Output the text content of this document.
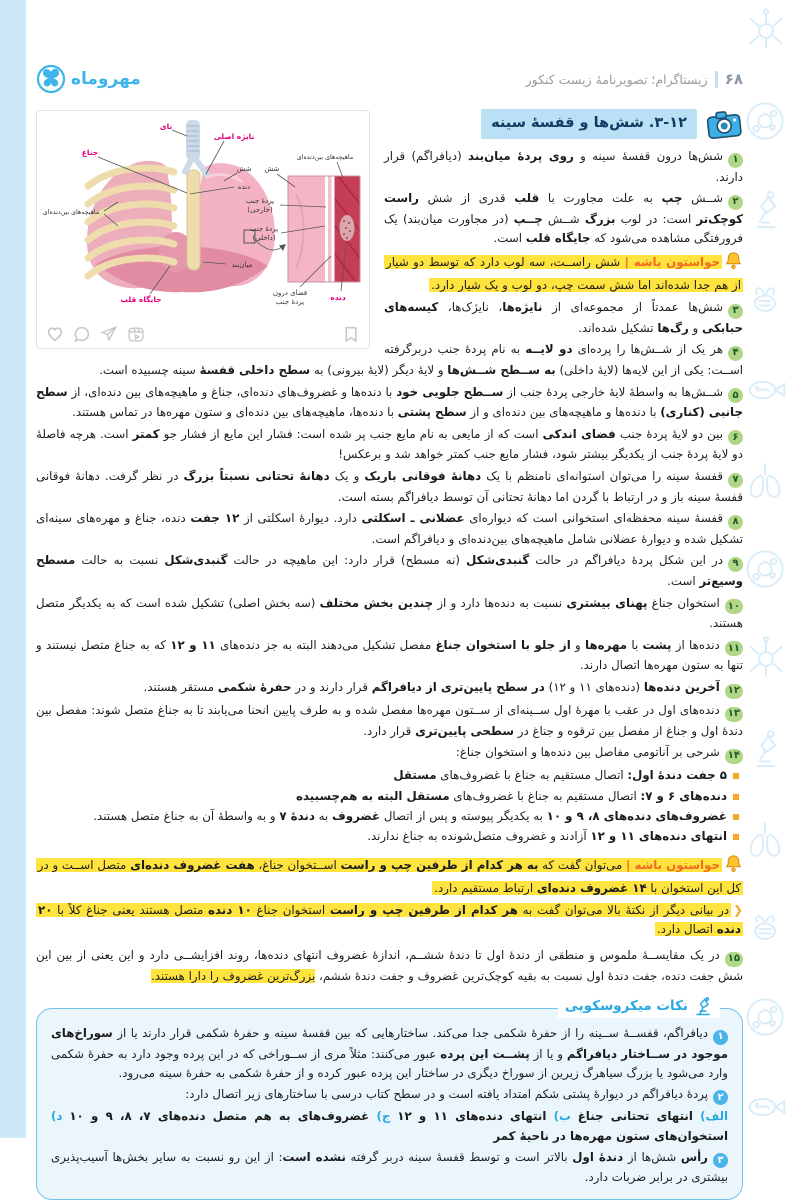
۶۸
زیستاگرام؛ تصویرنامهٔ زیست کنکور
مهروماه
نای
نایژه اصلی
جناغ
ماهیچه‌های بین‌دنده‌ای
شش شش
دنده
پردهٔ جنب
(خارجی)
پردهٔ جنب
(داخلی)
فضای درون
پردهٔ جنب	دنده
ماهیچه‌های بین‌دنده‌ای
میان‌بند
جایگاه قلب
۳-۱۲. شش‌ها و قفسهٔ سینه

۱شش‌ها درون قفسهٔ سینه و روی پردهٔ میان‌بند (دیافراگم) قرار دارند.

۲شــش چپ به علت مجاورت با قلب قدری از شش راست کوچک‌تر است: در لوب بزرگ شــش چــپ (در مجاورت میان‌بند) یک فرورفتگی مشاهده می‌شود که جایگاه قلب است.

حواستون باشه | شش راســت، سه لوب دارد که توسط دو شیار از هم جدا شده‌اند اما شش سمت چپ، دو لوب و یک شیار دارد.

۳شش‌ها عمدتاً از مجموعه‌ای از نایژه‌ها، نایژک‌ها، کیسه‌های حبابکی و رگ‌ها تشکیل شده‌اند.

۴هر یک از شــش‌ها را پرده‌ای دو لایــه به نام پردهٔ جنب دربرگرفته اســت: یکی از این لایه‌ها (لایهٔ داخلی) به ســطح شــش‌ها و لایهٔ دیگر (لایهٔ بیرونی) به سطح داخلی قفسهٔ سینه چسبیده است.

۵شــش‌ها به واسطهٔ لایهٔ خارجی پردهٔ جنب از ســطح جلویی خود با دنده‌ها و غضروف‌های دنده‌ای، جناغ و ماهیچه‌های بین دنده‌ای، از سطح جانبی (کناری) با دنده‌ها و ماهیچه‌های بین دنده‌ای و از سطح پشتی با دنده‌ها، ماهیچه‌های بین دنده‌ای و ستون مهره‌ها در تماس هستند.

۶بین دو لایهٔ پردهٔ جنب فضای اندکی است که از مایعی به نام مایع جنب پر شده است: فشار این مایع از فشار جو کمتر است. هرچه فاصلهٔ دو لایهٔ پردهٔ جنب از یکدیگر بیشتر شود، فشار مایع جنب کمتر خواهد شد و برعکس!

۷قفسهٔ سینه را می‌توان استوانه‌ای نامنظم با یک دهانهٔ فوقانی باریک و یک دهانهٔ تحتانی نسبتاً بزرگ در نظر گرفت. دهانهٔ فوقانی قفسهٔ سینه باز و در ارتباط با گردن اما دهانهٔ تحتانی آن توسط دیافراگم بسته است.

۸قفسهٔ سینه محفظه‌ای استخوانی است که دیواره‌ای عضلانی ـ اسکلتی دارد. دیوارهٔ اسکلتی از ۱۲ جفت دنده، جناغ و مهره‌های سینه‌ای تشکیل شده و دیوارهٔ عضلانی شامل ماهیچه‌های بین‌دنده‌ای و دیافراگم است.

۹در این شکل پردهٔ دیافراگم در حالت گنبدی‌شکل (نه مسطح) قرار دارد: این ماهیچه در حالت گنبدی‌شکل نسبت به حالت مسطح وسیع‌تر است.

۱۰استخوان جناغ پهنای بیشتری نسبت به دنده‌ها دارد و از چندین بخش مختلف (سه بخش اصلی) تشکیل شده است که به یکدیگر متصل هستند.

۱۱دنده‌ها از پشت با مهره‌ها و از جلو با استخوان جناغ مفصل تشکیل می‌دهند البته به جز دنده‌های ۱۱ و ۱۲ که به جناغ متصل نیستند و تنها به ستون مهره‌ها اتصال دارند.

۱۲آخرین دنده‌ها (دنده‌های ۱۱ و ۱۲) در سطح پایین‌تری از دیافراگم قرار دارند و در حفرهٔ شکمی مستقر هستند.

۱۳دنده‌های اول در عقب با مهرهٔ اول ســینه‌ای از ســتون مهره‌ها مفصل شده و به طرف پایین انحنا می‌یابند تا به جناغ متصل شوند: مفصل بین دندهٔ اول و جناغ از مفصل بین ترقوه و جناغ در سطحی پایین‌تری قرار دارد.

۱۴شرحی بر آناتومی مفاصل بین دنده‌ها و استخوان جناغ:

۵ جفت دندهٔ اول: اتصال مستقیم به جناغ با غضروف‌های مستقل
دنده‌های ۶ و ۷: اتصال مستقیم به جناغ با غضروف‌های مستقل البته به هم‌چسبیده
غضروف‌های دنده‌های ۸، ۹ و ۱۰ به یکدیگر پیوسته و پس از اتصال غضروف به دندهٔ ۷ و به واسطهٔ آن به جناغ متصل هستند.
انتهای دنده‌های ۱۱ و ۱۲ آزادند و غضروف متصل‌شونده به جناغ ندارند.

حواستون باشه | می‌توان گفت که به هر کدام از طرفین چپ و راست اســتخوان جناغ، هفت غضروف دنده‌ای متصل اســت و در کل این استخوان با ۱۴ غضروف دنده‌ای ارتباط مستقیم دارد.

❮در بیانی دیگر از نکتهٔ بالا می‌توان گفت به هر کدام از طرفین چپ و راست استخوان جناغ ۱۰ دنده متصل هستند یعنی جناغ کلاً با ۲۰ دنده اتصال دارد.

۱۵در یک مقایســهٔ ملموس و منطقی از دندهٔ اول تا دندهٔ ششــم، اندازهٔ غضروف انتهای دنده‌ها، روند افزایشــی دارد و این یعنی از بین این شش جفت دنده، جفت دندهٔ اول نسبت به بقیه کوچک‌ترین غضروف و جفت دندهٔ ششم، بزرگ‌ترین غضروف را دارا هستند.

نکات میکروسکوپی

۱دیافراگم، قفســهٔ ســینه را از حفرهٔ شکمی جدا می‌کند. ساختارهایی که بین قفسهٔ سینه و حفرهٔ شکمی قرار دارند یا از سوراخ‌های موجود در ســاختار دیافراگم و یا از پشــت این پرده عبور می‌کنند: مثلاً مری از ســوراخی که در این پرده وجود دارد به حفرهٔ شکمی وارد می‌شود یا بزرگ سیاهرگ زیرین از سوراخ دیگری در ساختار این پرده عبور کرده و از حفرهٔ شکمی به حفرهٔ سینه می‌رود.

۲پردهٔ دیافراگم در دیوارهٔ پشتی شکم امتداد یافته است و در سطح کتاب درسی با ساختارهای زیر اتصال دارد:

الف) انتهای تحتانی جناغ ب) انتهای دنده‌های ۱۱ و ۱۲ ج) غضروف‌های به هم متصل دنده‌های ۷، ۸، ۹ و ۱۰ د) استخوان‌های ستون مهره‌ها در ناحیهٔ کمر

۳رأس شش‌ها از دندهٔ اول بالاتر است و توسط قفسهٔ سینه دربر گرفته نشده است: از این رو نسبت به سایر بخش‌ها آسیب‌پذیری بیشتری در برابر ضربات دارد.
